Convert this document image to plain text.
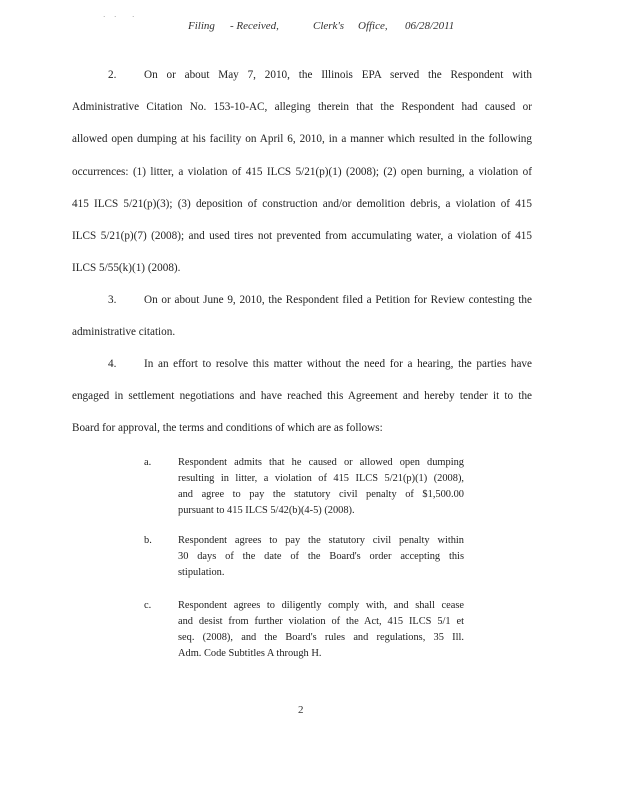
· · ·
Filing - Received,	Clerk's Office, 06/28/2011
2. On or about May 7, 2010, the Illinois EPA served the Respondent with
Administrative Citation No. 153-10-AC, alleging therein that the Respondent had caused or
allowed open dumping at his facility on April 6, 2010, in a manner which resulted in the following
occurrences: (1) litter, a violation of 415 ILCS 5/21(p)(1) (2008); (2) open burning, a violation of
415 ILCS 5/21(p)(3); (3) deposition of construction and/or demolition debris, a violation of 415
ILCS 5/21(p)(7) (2008); and used tires not prevented from accumulating water, a violation of 415
ILCS 5/55(k)(1) (2008).
3. On or about June 9, 2010, the Respondent filed a Petition for Review contesting the
administrative citation.
4. In an effort to resolve this matter without the need for a hearing, the parties have
engaged in settlement negotiations and have reached this Agreement and hereby tender it to the
Board for approval, the terms and conditions of which are as follows:
a.	Respondent admits that he caused or allowed open dumping
resulting in litter, a violation of 415 ILCS 5/21(p)(1) (2008),
and agree to pay the statutory civil penalty of $1,500.00
pursuant to 415 ILCS 5/42(b)(4-5) (2008).
b.	Respondent agrees to pay the statutory civil penalty within
30 days of the date of the Board's order accepting this
stipulation.
c.	Respondent agrees to diligently comply with, and shall cease
and desist from further violation of the Act, 415 ILCS 5/1 et
seq. (2008), and the Board's rules and regulations, 35 Ill.
Adm. Code Subtitles A through H.
2
